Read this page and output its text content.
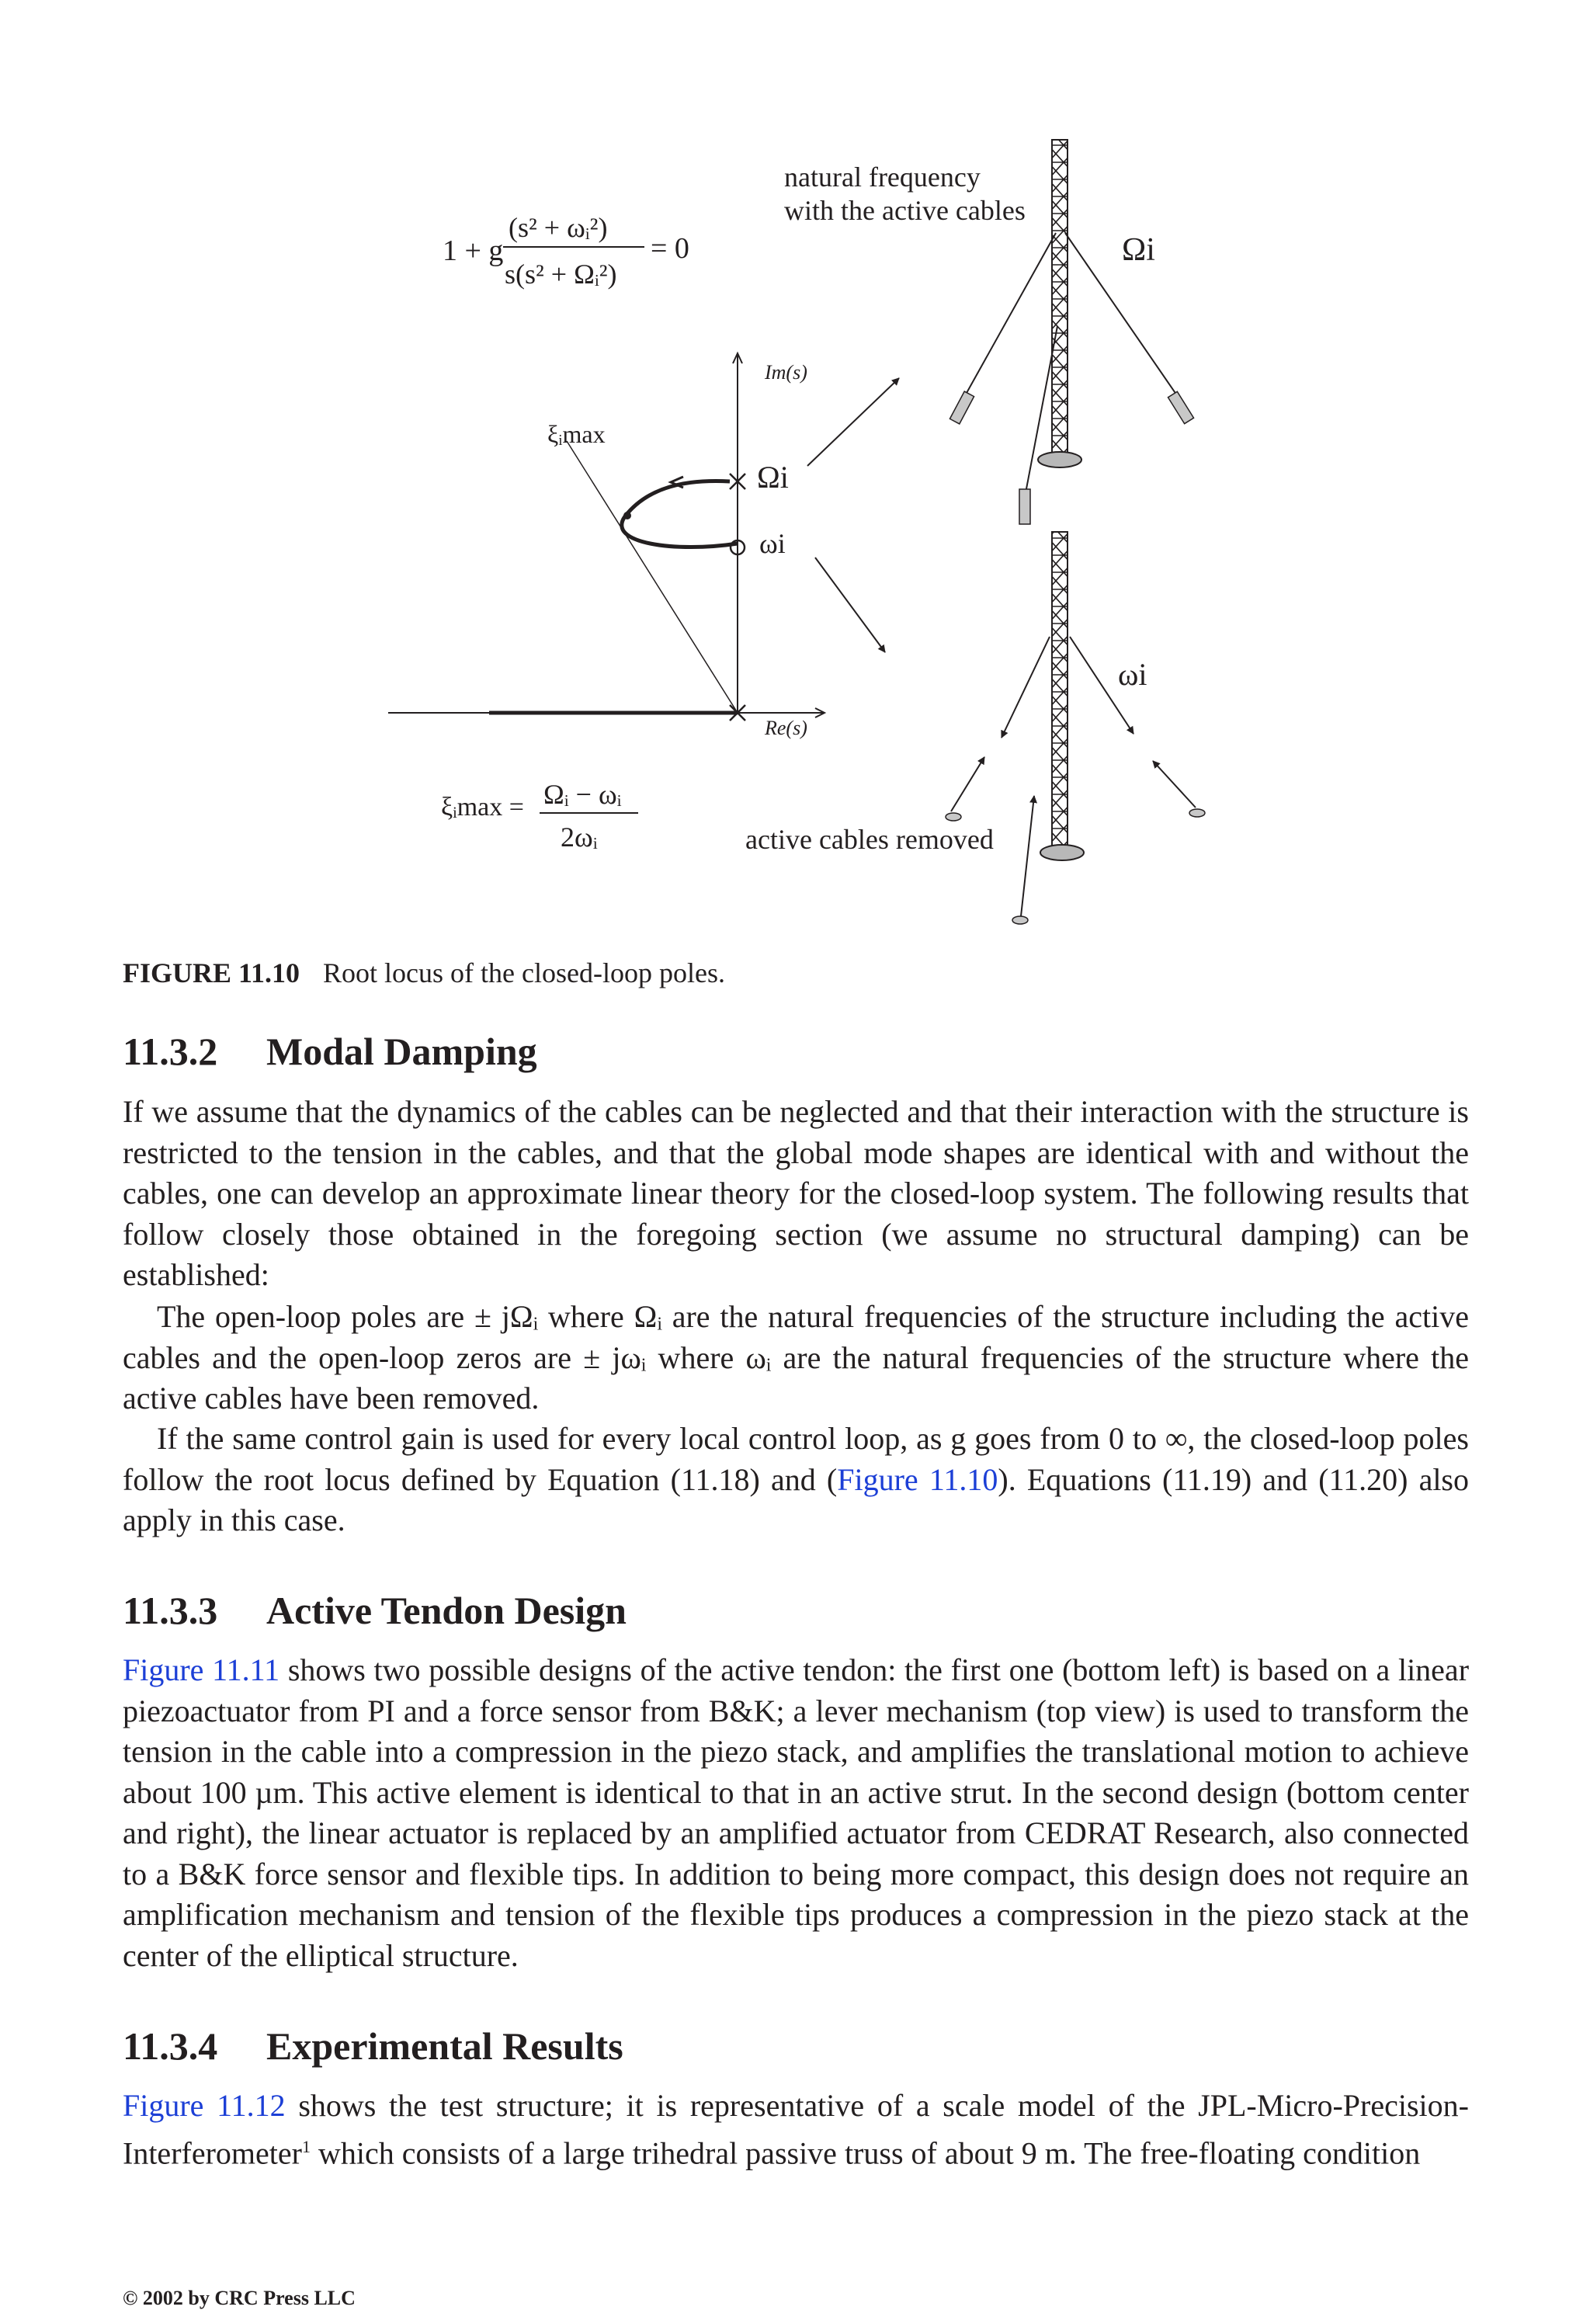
1 + g
(s² + ωᵢ²)
s(s² + Ωᵢ²)
= 0
Im(s)
Re(s)
Ωi
ωi
ξᵢmax
ξᵢmax = Ωᵢ − ωᵢ
2ωᵢ
natural frequency
with the active cables
Ωi
ωi
active cables removed
FIGURE 11.10 Root locus of the closed-loop poles.
11.3.2 Modal Damping

If we assume that the dynamics of the cables can be neglected and that their interaction with the structure is restricted to the tension in the cables, and that the global mode shapes are identical with and without the cables, one can develop an approximate linear theory for the closed-loop system. The following results that follow closely those obtained in the foregoing section (we assume no structural damping) can be established:

The open-loop poles are ± jΩᵢ where Ωᵢ are the natural frequencies of the structure including the active cables and the open-loop zeros are ± jωᵢ where ωᵢ are the natural frequencies of the structure where the active cables have been removed.

If the same control gain is used for every local control loop, as g goes from 0 to ∞, the closed-loop poles follow the root locus defined by Equation (11.18) and (Figure 11.10). Equations (11.19) and (11.20) also apply in this case.

11.3.3 Active Tendon Design

Figure 11.11 shows two possible designs of the active tendon: the first one (bottom left) is based on a linear piezoactuator from PI and a force sensor from B&K; a lever mechanism (top view) is used to transform the tension in the cable into a compression in the piezo stack, and amplifies the translational motion to achieve about 100 µm. This active element is identical to that in an active strut. In the second design (bottom center and right), the linear actuator is replaced by an amplified actuator from CEDRAT Research, also connected to a B&K force sensor and flexible tips. In addition to being more compact, this design does not require an amplification mechanism and tension of the flexible tips produces a compression in the piezo stack at the center of the elliptical structure.

11.3.4 Experimental Results

Figure 11.12 shows the test structure; it is representative of a scale model of the JPL-Micro-Precision-Interferometer$^1$ which consists of a large trihedral passive truss of about 9 m. The free-floating condition

© 2002 by CRC Press LLC
